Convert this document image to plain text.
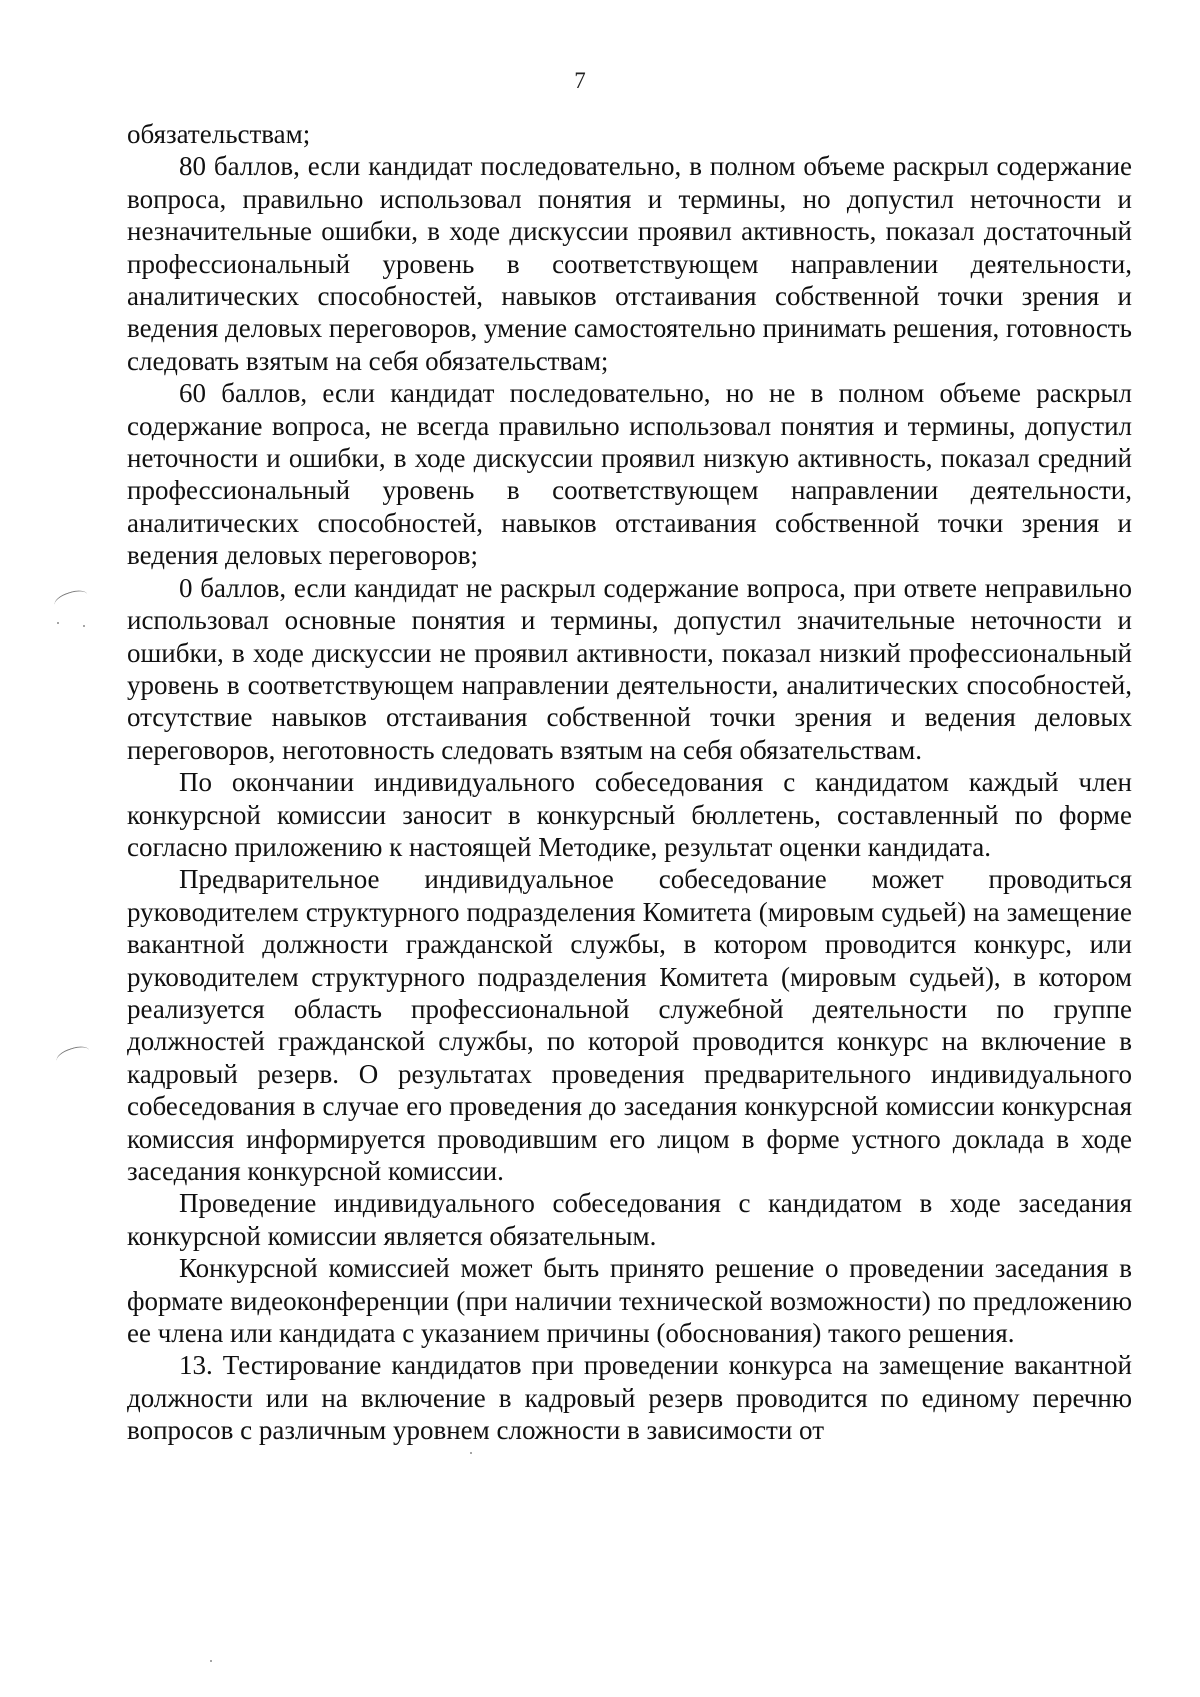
7

обязательствам;

80 баллов, если кандидат последовательно, в полном объеме раскрыл содержание вопроса, правильно использовал понятия и термины, но допустил неточности и незначительные ошибки, в ходе дискуссии проявил активность, показал достаточный профессиональный уровень в соответствующем направлении деятельности, аналитических способностей, навыков отстаивания собственной точки зрения и ведения деловых переговоров, умение самостоятельно принимать решения, готовность следовать взятым на себя обязательствам;

60 баллов, если кандидат последовательно, но не в полном объеме раскрыл содержание вопроса, не всегда правильно использовал понятия и термины, допустил неточности и ошибки, в ходе дискуссии проявил низкую активность, показал средний профессиональный уровень в соответствующем направлении деятельности, аналитических способностей, навыков отстаивания собственной точки зрения и ведения деловых переговоров;

0 баллов, если кандидат не раскрыл содержание вопроса, при ответе неправильно использовал основные понятия и термины, допустил значительные неточности и ошибки, в ходе дискуссии не проявил активности, показал низкий профессиональный уровень в соответствующем направлении деятельности, аналитических способностей, отсутствие навыков отстаивания собственной точки зрения и ведения деловых переговоров, неготовность следовать взятым на себя обязательствам.

По окончании индивидуального собеседования с кандидатом каждый член конкурсной комиссии заносит в конкурсный бюллетень, составленный по форме согласно приложению к настоящей Методике, результат оценки кандидата.

Предварительное индивидуальное собеседование может проводиться руководителем структурного подразделения Комитета (мировым судьей) на замещение вакантной должности гражданской службы, в котором проводится конкурс, или руководителем структурного подразделения Комитета (мировым судьей), в котором реализуется область профессиональной служебной деятельности по группе должностей гражданской службы, по которой проводится конкурс на включение в кадровый резерв. О результатах проведения предварительного индивидуального собеседования в случае его проведения до заседания конкурсной комиссии конкурсная комиссия информируется проводившим его лицом в форме устного доклада в ходе заседания конкурсной комиссии.

Проведение индивидуального собеседования с кандидатом в ходе заседания конкурсной комиссии является обязательным.

Конкурсной комиссией может быть принято решение о проведении заседания в формате видеоконференции (при наличии технической возможности) по предложению ее члена или кандидата с указанием причины (обоснования) такого решения.

13. Тестирование кандидатов при проведении конкурса на замещение вакантной должности или на включение в кадровый резерв проводится по единому перечню вопросов с различным уровнем сложности в зависимости от
